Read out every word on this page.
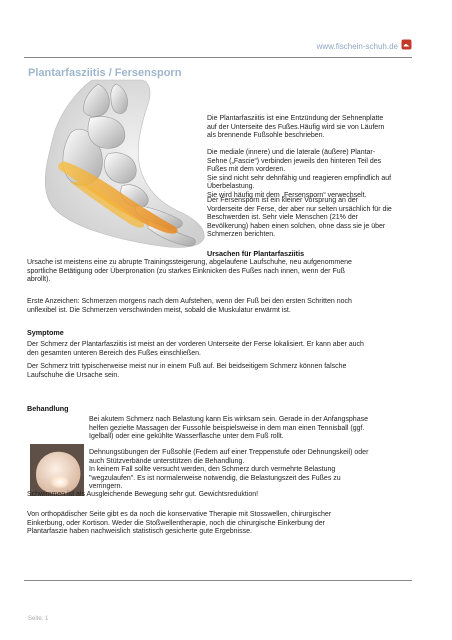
www.fischein-schuh.de
Plantarfasziitis / Fersensporn

Die Plantarfasziitis ist eine Entzündung der Sehnenplatte
auf der Unterseite des Fußes.Häufig wird sie von Läufern
als brennende Fußsohle beschrieben.

Die mediale (innere) und die laterale (äußere) Plantar-
Sehne („Fascie“) verbinden jeweils den hinteren Teil des
Fußes mit dem vorderen.
Sie sind nicht sehr dehnfähig und reagieren empfindlich auf
Überbelastung.
Sie wird häufig mit dem „Fersensporn“ verwechselt.

Der Fersensporn ist ein kleiner Vorsprung an der
Vorderseite der Ferse, der aber nur selten ursächlich für die
Beschwerden ist. Sehr viele Menschen (21% der
Bevölkerung) haben einen solchen, ohne dass sie je über
Schmerzen berichten.

Ursachen für Plantarfasziitis

Ursache ist meistens eine zu abrupte Trainingssteigerung, abgelaufene Laufschuhe, neu aufgenommene
sportliche Betätigung oder Überpronation (zu starkes Einknicken des Fußes nach innen, wenn der Fuß
abrollt).

Erste Anzeichen: Schmerzen morgens nach dem Aufstehen, wenn der Fuß bei den ersten Schritten noch
unflexibel ist. Die Schmerzen verschwinden meist, sobald die Muskulatur erwärmt ist.

Symptome

Der Schmerz der Plantarfasziitis ist meist an der vorderen Unterseite der Ferse lokalisiert. Er kann aber auch
den gesamten unteren Bereich des Fußes einschließen.

Der Schmerz tritt typischerweise meist nur in einem Fuß auf. Bei beidseitigem Schmerz können falsche
Laufschuhe die Ursache sein.

Behandlung

Bei akutem Schmerz nach Belastung kann Eis wirksam sein. Gerade in der Anfangsphase
helfen gezielte Massagen der Fussohle beispielsweise in dem man einen Tennisball (ggf.
Igelball) oder eine gekühlte Wasserflasche unter dem Fuß rollt.

Dehnungsübungen der Fußsohle (Federn auf einer Treppenstufe oder Dehnungskeil) oder
auch Stützverbände unterstützen die Behandlung.
In keinem Fall sollte versucht werden, den Schmerz durch vermehrte Belastung
"wegzulaufen". Es ist normalerweise notwendig, die Belastungszeit des Fußes zu
verringern.

Schwimmen ist als Ausgleichende Bewegung sehr gut. Gewichtsreduktion!

Von orthopädischer Seite gibt es da noch die konservative Therapie mit Stosswellen, chirurgischer
Einkerbung, oder Kortison. Weder die Stoßwellentherapie, noch die chirurgische Einkerbung der
Plantarfaszie haben nachweislich statistisch gesicherte gute Ergebnisse.

Seite: 1
